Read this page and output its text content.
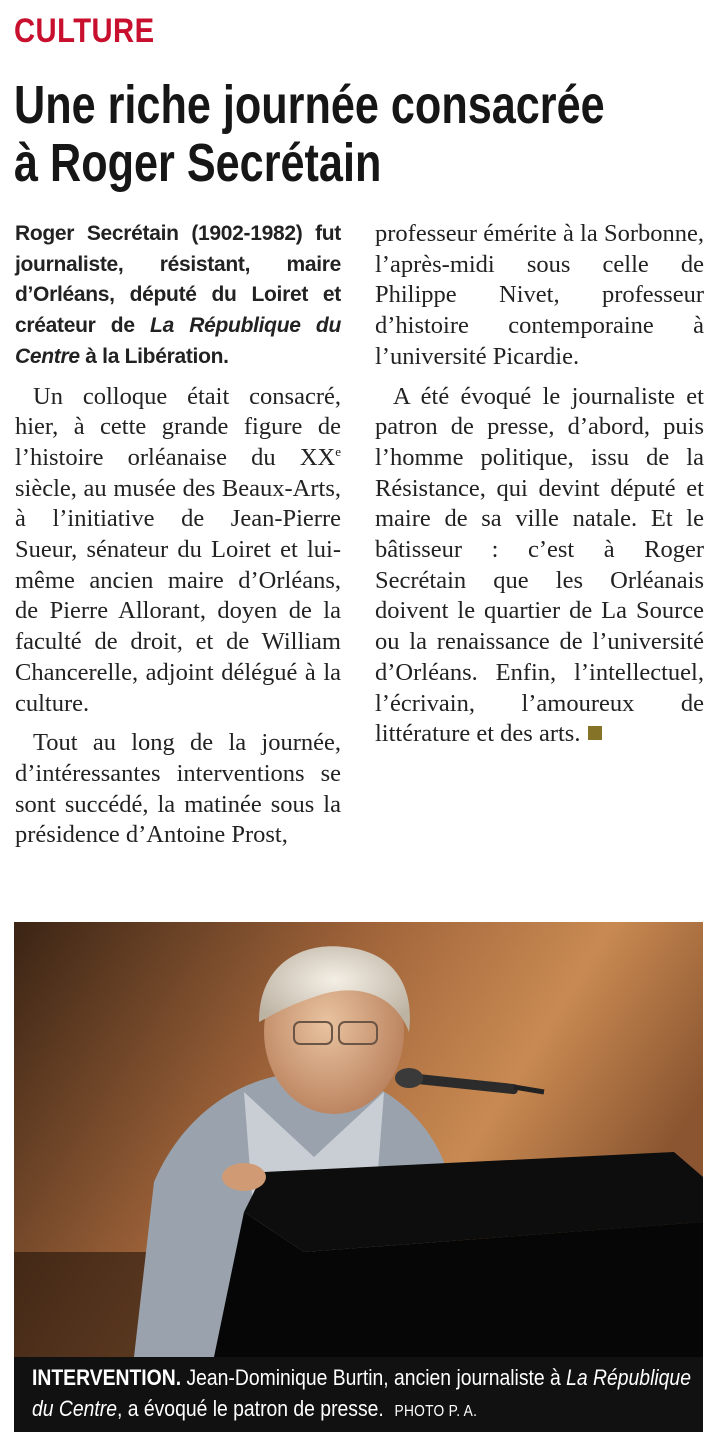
CULTURE
Une riche journée consacrée
à Roger Secrétain

Roger Secrétain (1902-1982) fut journaliste, résistant, maire d’Orléans, député du Loiret et créateur de La République du Centre à la Libération.

Un colloque était consacré, hier, à cette grande figure de l’histoire orléanaise du XXe siècle, au musée des Beaux-Arts, à l’initiative de Jean-Pierre Sueur, sénateur du Loiret et lui-même ancien maire d’Orléans, de Pierre Allorant, doyen de la faculté de droit, et de William Chancerelle, adjoint délégué à la culture.

Tout au long de la journée, d’intéressantes interventions se sont succédé, la matinée sous la présidence d’Antoine Prost,

professeur émérite à la Sorbonne, l’après-midi sous celle de Philippe Nivet, professeur d’histoire contemporaine à l’université Picardie.

A été évoqué le journaliste et patron de presse, d’abord, puis l’homme politique, issu de la Résistance, qui devint député et maire de sa ville natale. Et le bâtisseur : c’est à Roger Secrétain que les Orléanais doivent le quartier de La Source ou la renaissance de l’université d’Orléans. Enfin, l’intellectuel, l’écrivain, l’amoureux de littérature et des arts.

INTERVENTION. Jean-Dominique Burtin, ancien journaliste à La République du Centre, a évoqué le patron de presse. PHOTO P. A.
